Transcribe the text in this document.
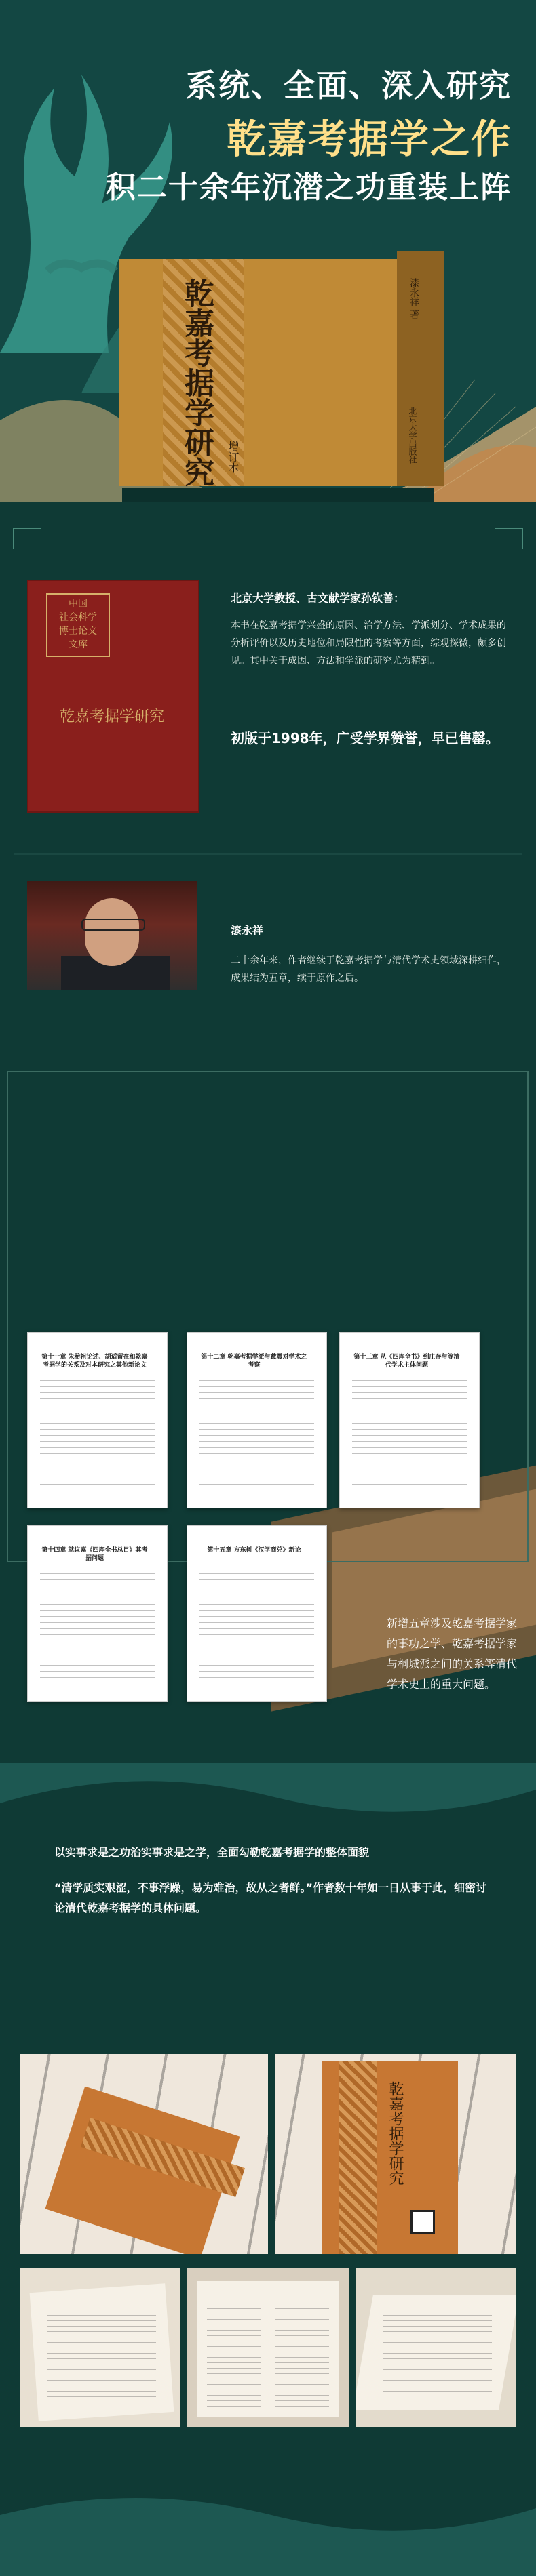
系统、全面、深入研究
乾嘉考据学之作
积二十余年沉潜之功重装上阵
乾嘉考据学研究 增订本
漆永祥 著
北京大学出版社
中国
社会科学
博士论文
文库
乾嘉考据学研究
北京大学教授、古文献学家孙钦善：
本书在乾嘉考据学兴盛的原因、治学方法、学派划分、学术成果的分析评价以及历史地位和局限性的考察等方面，综观探微，颇多创见。其中关于成因、方法和学派的研究尤为精到。
初版于1998年，广受学界赞誉，早已售罄。
漆永祥
二十余年来，作者继续于乾嘉考据学与清代学术史领域深耕细作，成果结为五章，续于原作之后。
第十一章 朱希祖论述、胡适留在和乾嘉考据学的关系及对本研究之其他新论文
第十二章 乾嘉考据学派与戴震对学术之考察
第十三章 从《四库全书》到庄存与等清代学术主体问题
第十四章 就议嘉《四库全书总目》其考据问题
第十五章 方东树《汉学商兑》新论
新增五章涉及乾嘉考据学家的事功之学、乾嘉考据学家与桐城派之间的关系等清代学术史上的重大问题。
以实事求是之功治实事求是之学，全面勾勒乾嘉考据学的整体面貌
“清学质实艰涩，不事浮躁，易为难治，故从之者鲜。”作者数十年如一日从事于此，细密讨论清代乾嘉考据学的具体问题。
乾嘉考据学研究
